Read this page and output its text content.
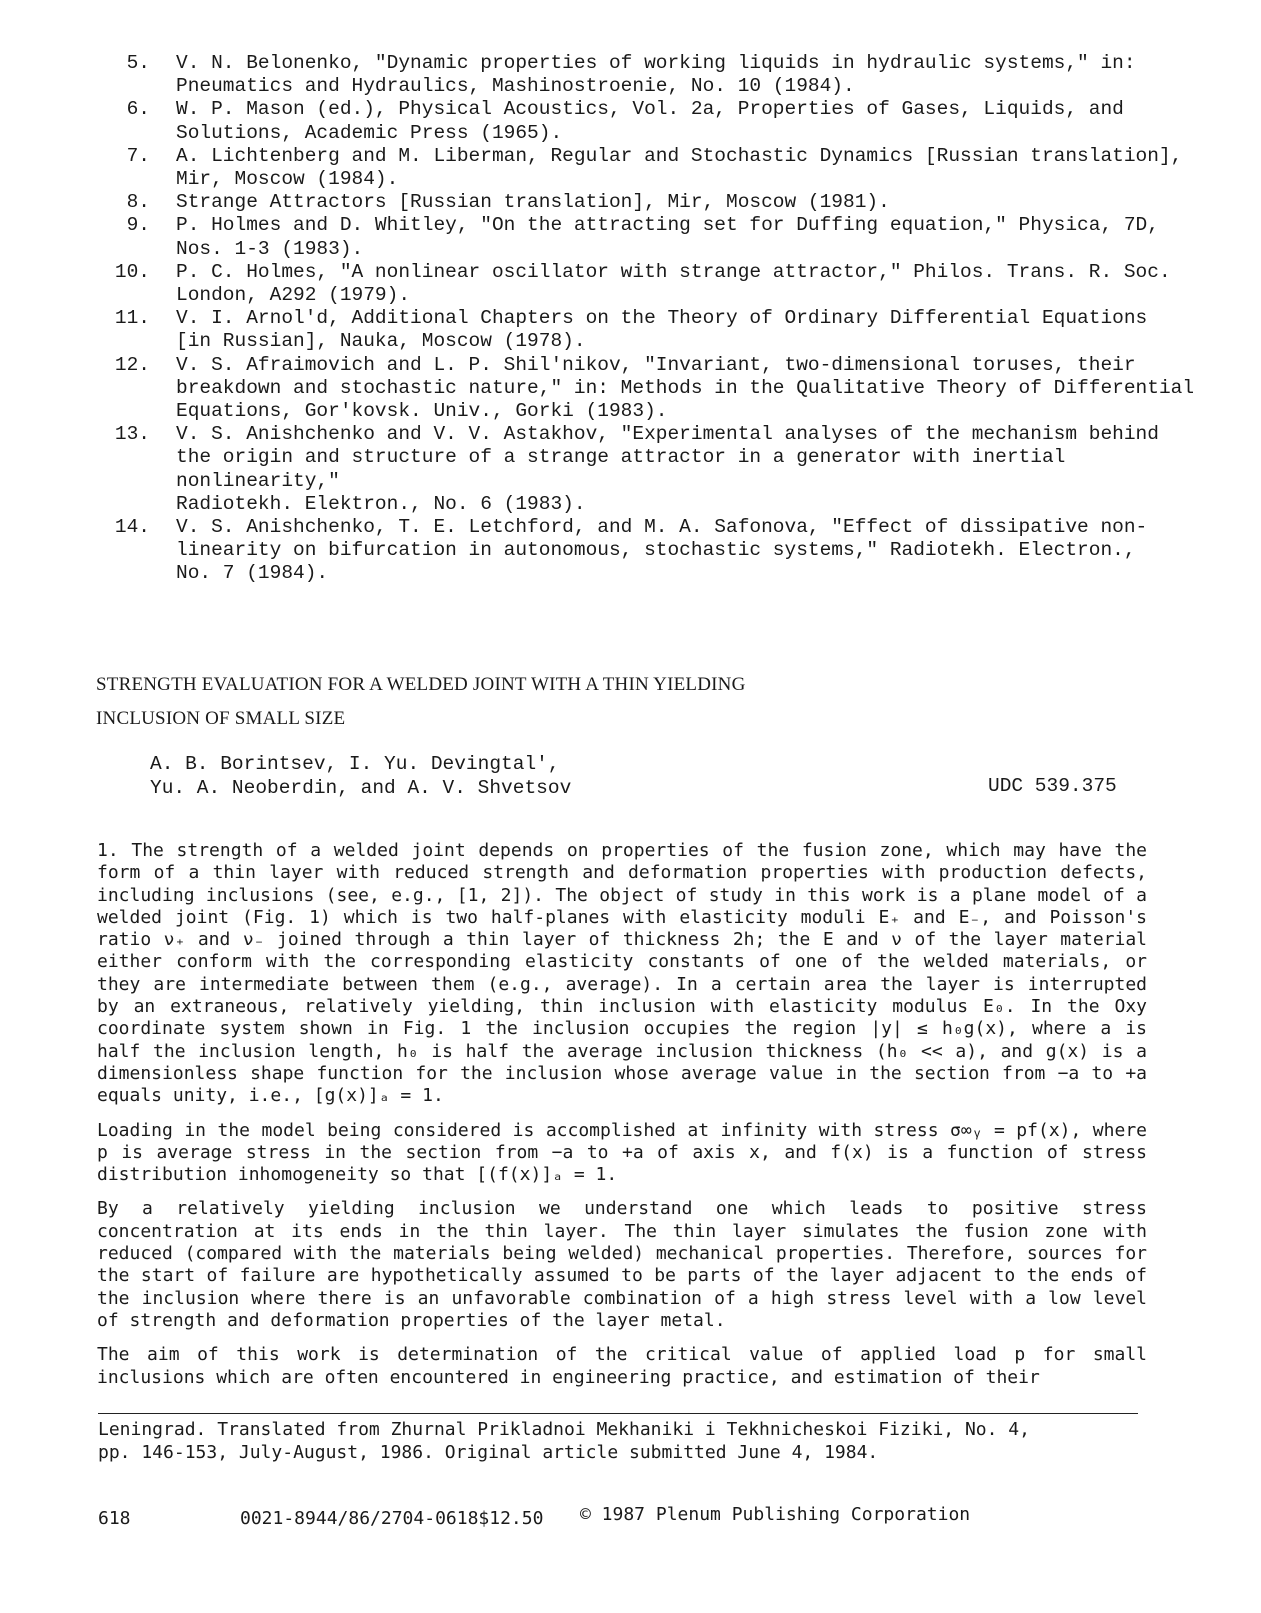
5.	V. N. Belonenko, "Dynamic properties of working liquids in hydraulic systems," in:
Pneumatics and Hydraulics, Mashinostroenie, No. 10 (1984).
6.	W. P. Mason (ed.), Physical Acoustics, Vol. 2a, Properties of Gases, Liquids, and
Solutions, Academic Press (1965).
7.	A. Lichtenberg and M. Liberman, Regular and Stochastic Dynamics [Russian translation],
Mir, Moscow (1984).
8.	Strange Attractors [Russian translation], Mir, Moscow (1981).
9.	P. Holmes and D. Whitley, "On the attracting set for Duffing equation," Physica, 7D,
Nos. 1-3 (1983).
10.	P. C. Holmes, "A nonlinear oscillator with strange attractor," Philos. Trans. R. Soc.
London, A292 (1979).
11.	V. I. Arnol'd, Additional Chapters on the Theory of Ordinary Differential Equations
[in Russian], Nauka, Moscow (1978).
12.	V. S. Afraimovich and L. P. Shil'nikov, "Invariant, two-dimensional toruses, their
breakdown and stochastic nature," in: Methods in the Qualitative Theory of Differential
Equations, Gor'kovsk. Univ., Gorki (1983).
13.	V. S. Anishchenko and V. V. Astakhov, "Experimental analyses of the mechanism behind
the origin and structure of a strange attractor in a generator with inertial nonlinearity,"
Radiotekh. Elektron., No. 6 (1983).
14.	V. S. Anishchenko, T. E. Letchford, and M. A. Safonova, "Effect of dissipative non-
linearity on bifurcation in autonomous, stochastic systems," Radiotekh. Electron.,
No. 7 (1984).
STRENGTH EVALUATION FOR A WELDED JOINT WITH A THIN YIELDING
INCLUSION OF SMALL SIZE
A. B. Borintsev, I. Yu. Devingtal',
Yu. A. Neoberdin, and A. V. Shvetsov	UDC 539.375

1. The strength of a welded joint depends on properties of the fusion zone, which may have the form of a thin layer with reduced strength and deformation properties with production defects, including inclusions (see, e.g., [1, 2]). The object of study in this work is a plane model of a welded joint (Fig. 1) which is two half-planes with elasticity moduli E₊ and E₋, and Poisson's ratio ν₊ and ν₋ joined through a thin layer of thickness 2h; the E and ν of the layer material either conform with the corresponding elasticity constants of one of the welded materials, or they are intermediate between them (e.g., average). In a certain area the layer is interrupted by an extraneous, relatively yielding, thin inclusion with elasticity modulus E₀. In the Oxy coordinate system shown in Fig. 1 the inclusion occupies the region |y| ≤ h₀g(x), where a is half the inclusion length, h₀ is half the average inclusion thickness (h₀ << a), and g(x) is a dimensionless shape function for the inclusion whose average value in the section from −a to +a equals unity, i.e., [g(x)]ₐ = 1.

Loading in the model being considered is accomplished at infinity with stress σ∞ᵧ = pf(x), where p is average stress in the section from −a to +a of axis x, and f(x) is a function of stress distribution inhomogeneity so that [(f(x)]ₐ = 1.

By a relatively yielding inclusion we understand one which leads to positive stress concentration at its ends in the thin layer. The thin layer simulates the fusion zone with reduced (compared with the materials being welded) mechanical properties. Therefore, sources for the start of failure are hypothetically assumed to be parts of the layer adjacent to the ends of the inclusion where there is an unfavorable combination of a high stress level with a low level of strength and deformation properties of the layer metal.

The aim of this work is determination of the critical value of applied load p for small inclusions which are often encountered in engineering practice, and estimation of their

Leningrad. Translated from Zhurnal Prikladnoi Mekhaniki i Tekhnicheskoi Fiziki, No. 4,
pp. 146-153, July-August, 1986. Original article submitted June 4, 1984.
618	0021-8944/86/2704-0618$12.50 © 1987 Plenum Publishing Corporation
